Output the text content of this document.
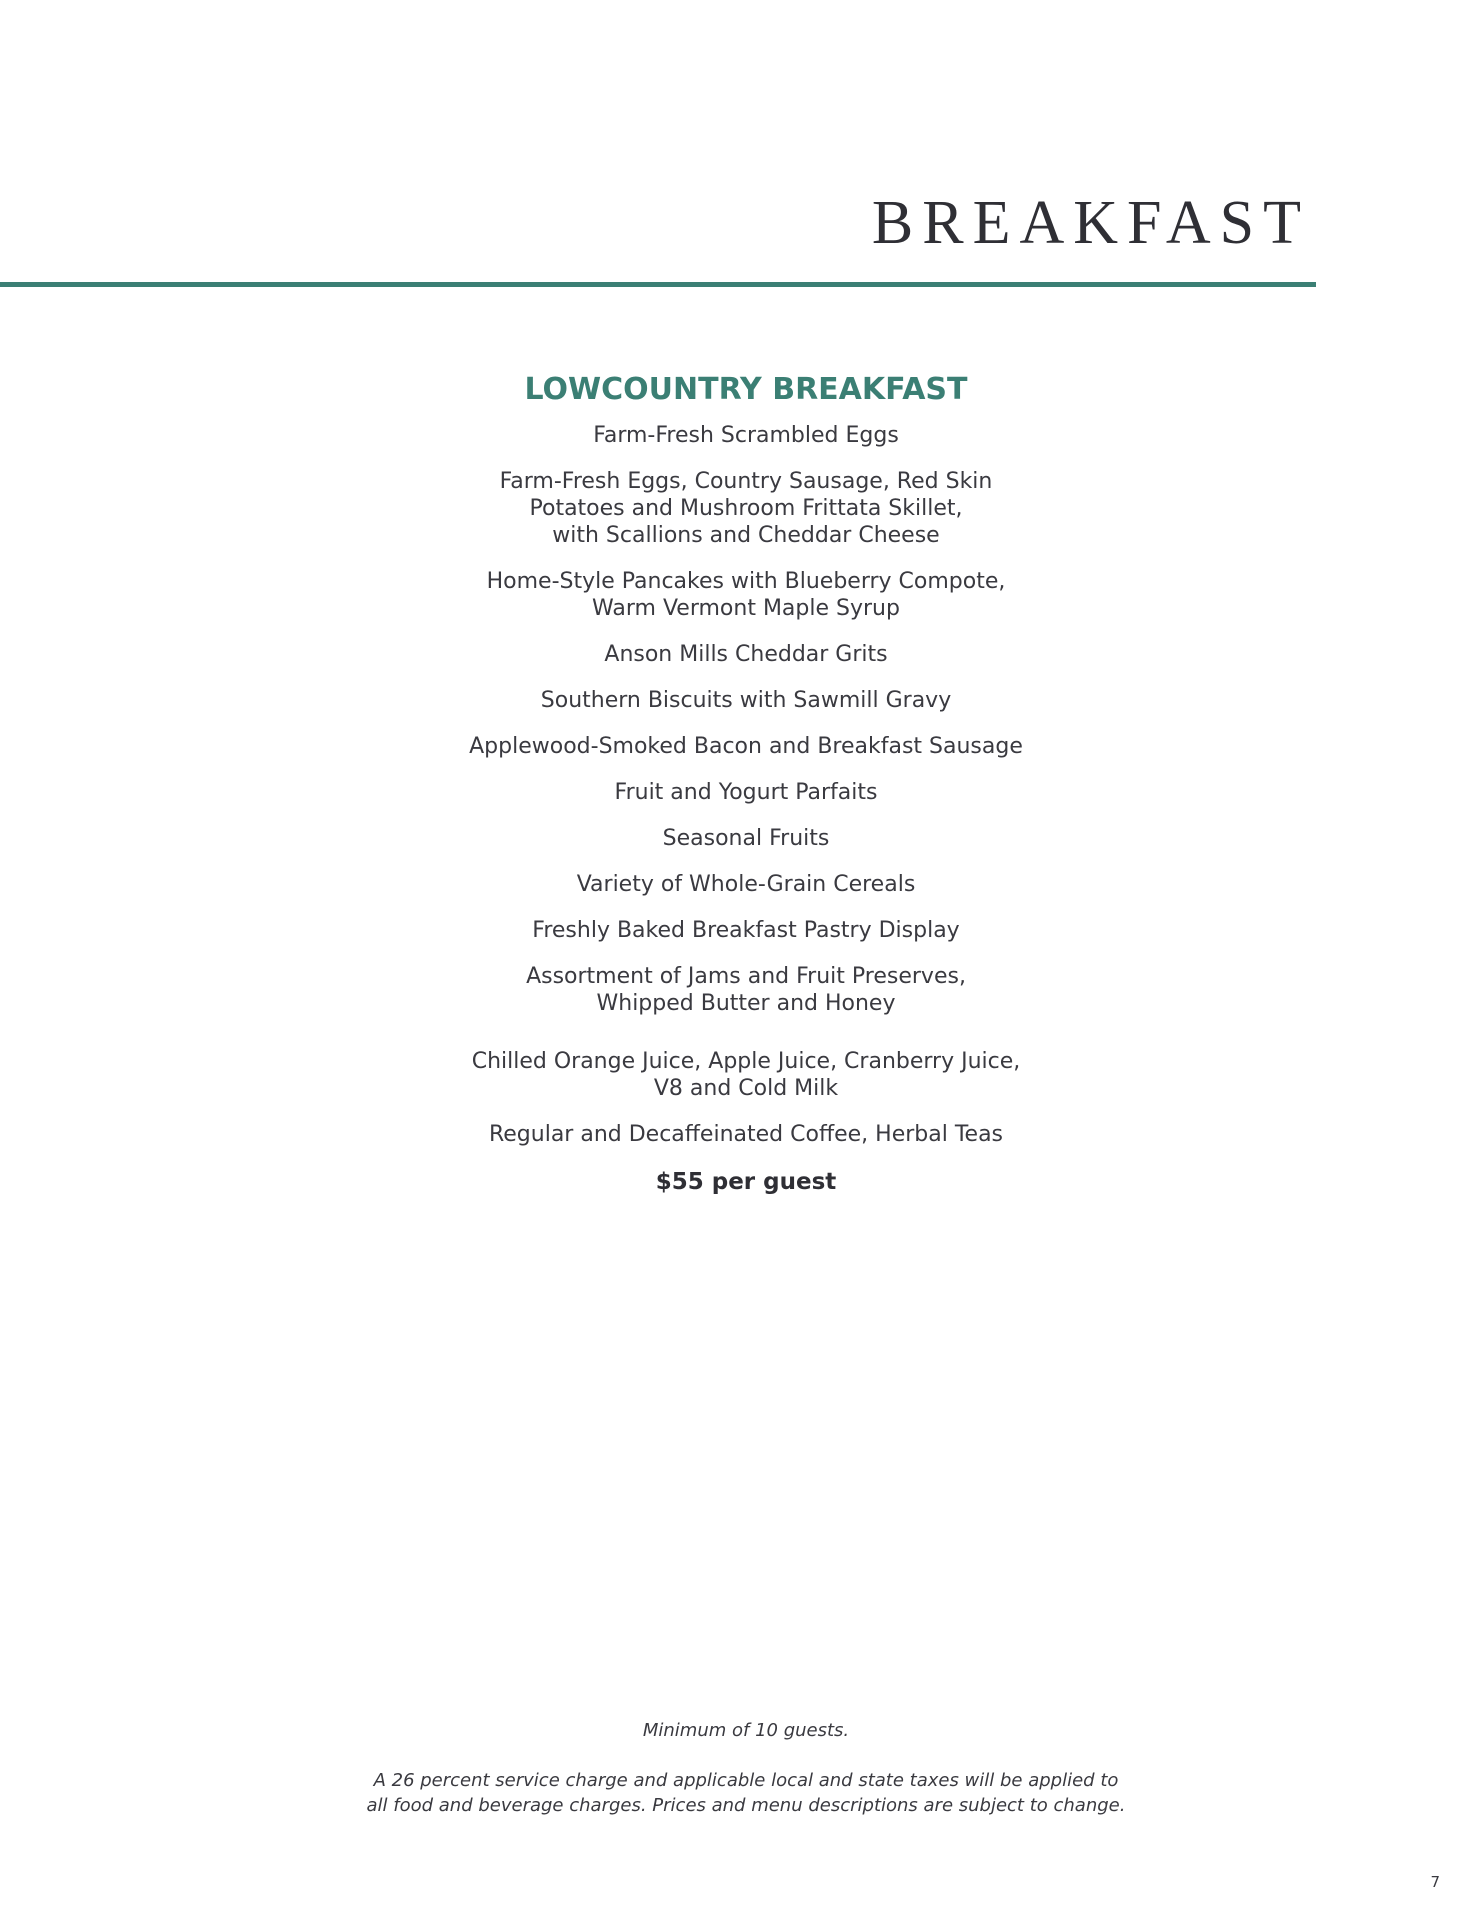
BREAKFAST
LOWCOUNTRY BREAKFAST
Farm-Fresh Scrambled Eggs
Farm-Fresh Eggs, Country Sausage, Red Skin
Potatoes and Mushroom Frittata Skillet,
with Scallions and Cheddar Cheese
Home-Style Pancakes with Blueberry Compote,
Warm Vermont Maple Syrup
Anson Mills Cheddar Grits
Southern Biscuits with Sawmill Gravy
Applewood-Smoked Bacon and Breakfast Sausage
Fruit and Yogurt Parfaits
Seasonal Fruits
Variety of Whole-Grain Cereals
Freshly Baked Breakfast Pastry Display
Assortment of Jams and Fruit Preserves,
Whipped Butter and Honey
Chilled Orange Juice, Apple Juice, Cranberry Juice,
V8 and Cold Milk
Regular and Decaffeinated Coffee, Herbal Teas
$55 per guest

Minimum of 10 guests.

A 26 percent service charge and applicable local and state taxes will be applied to
all food and beverage charges. Prices and menu descriptions are subject to change.

7
